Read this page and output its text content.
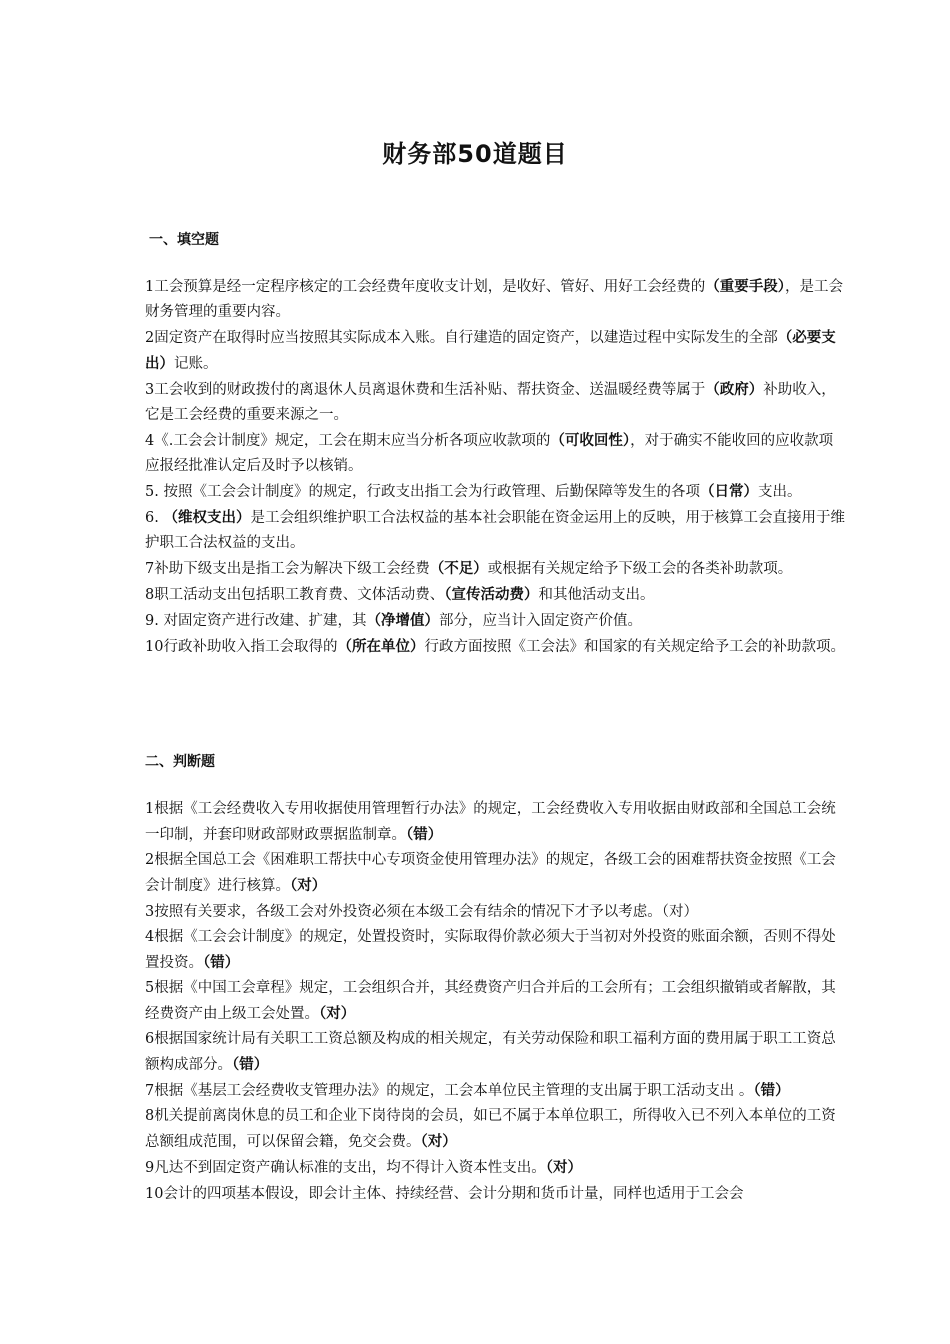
财务部50道题目
一、填空题

1工会预算是经一定程序核定的工会经费年度收支计划，是收好、管好、用好工会经费的（重要手段），是工会财务管理的重要内容。

2固定资产在取得时应当按照其实际成本入账。自行建造的固定资产，以建造过程中实际发生的全部（必要支出）记账。

3工会收到的财政拨付的离退休人员离退休费和生活补贴、帮扶资金、送温暖经费等属于（政府）补助收入，它是工会经费的重要来源之一。

4《.工会会计制度》规定，工会在期末应当分析各项应收款项的（可收回性），对于确实不能收回的应收款项应报经批准认定后及时予以核销。

5. 按照《工会会计制度》的规定，行政支出指工会为行政管理、后勤保障等发生的各项（日常）支出。

6. （维权支出）是工会组织维护职工合法权益的基本社会职能在资金运用上的反映，用于核算工会直接用于维护职工合法权益的支出。

7补助下级支出是指工会为解决下级工会经费（不足）或根据有关规定给予下级工会的各类补助款项。

8职工活动支出包括职工教育费、文体活动费、（宣传活动费）和其他活动支出。

9. 对固定资产进行改建、扩建，其（净增值）部分，应当计入固定资产价值。

10行政补助收入指工会取得的（所在单位）行政方面按照《工会法》和国家的有关规定给予工会的补助款项。

二、判断题

1根据《工会经费收入专用收据使用管理暂行办法》的规定，工会经费收入专用收据由财政部和全国总工会统一印制，并套印财政部财政票据监制章。（错）

2根据全国总工会《困难职工帮扶中心专项资金使用管理办法》的规定，各级工会的困难帮扶资金按照《工会会计制度》进行核算。（对）

3按照有关要求，各级工会对外投资必须在本级工会有结余的情况下才予以考虑。（对）

4根据《工会会计制度》的规定，处置投资时，实际取得价款必须大于当初对外投资的账面余额，否则不得处置投资。（错）

5根据《中国工会章程》规定，工会组织合并，其经费资产归合并后的工会所有；工会组织撤销或者解散，其经费资产由上级工会处置。（对）

6根据国家统计局有关职工工资总额及构成的相关规定，有关劳动保险和职工福利方面的费用属于职工工资总额构成部分。（错）

7根据《基层工会经费收支管理办法》的规定，工会本单位民主管理的支出属于职工活动支出 。（错）

8机关提前离岗休息的员工和企业下岗待岗的会员，如已不属于本单位职工，所得收入已不列入本单位的工资总额组成范围，可以保留会籍，免交会费。（对）

9凡达不到固定资产确认标准的支出，均不得计入资本性支出。（对）

10会计的四项基本假设，即会计主体、持续经营、会计分期和货币计量，同样也适用于工会会
